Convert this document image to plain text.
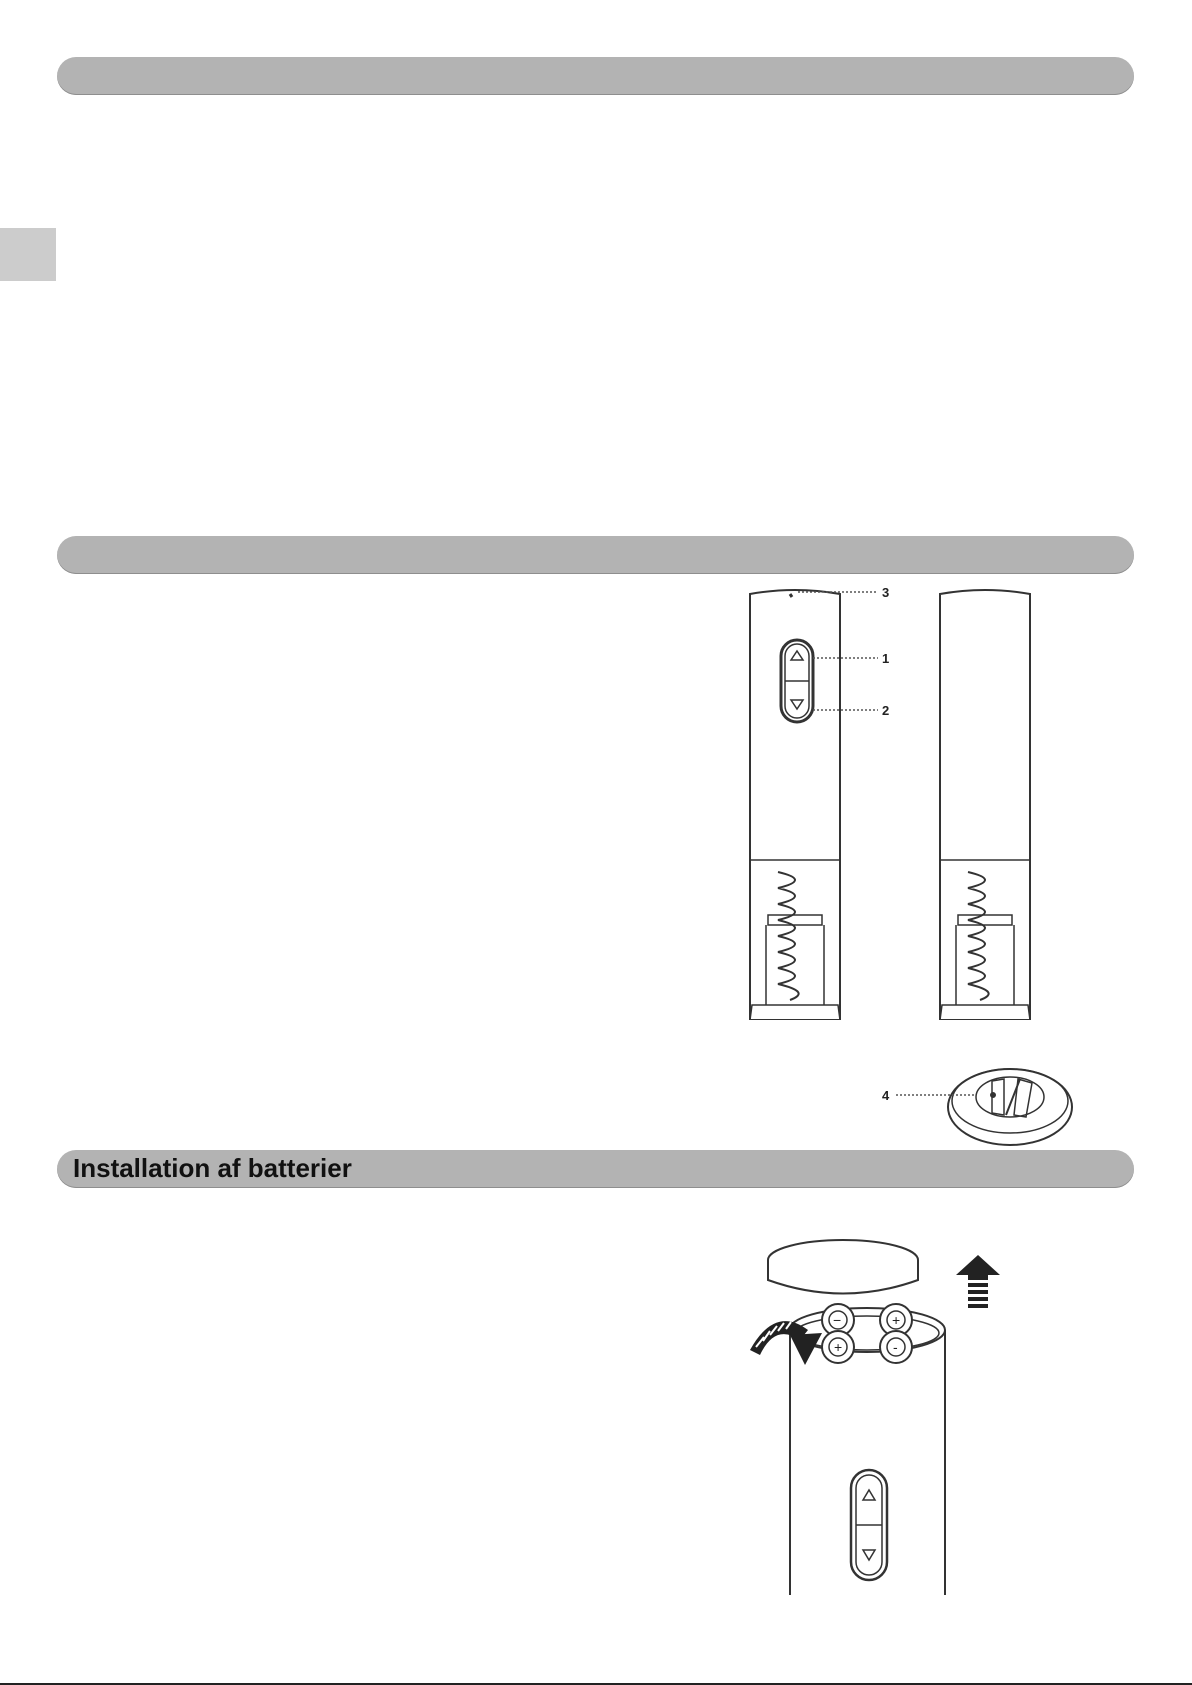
1
2
3
4
Installation af batterier
−	+
+	-
